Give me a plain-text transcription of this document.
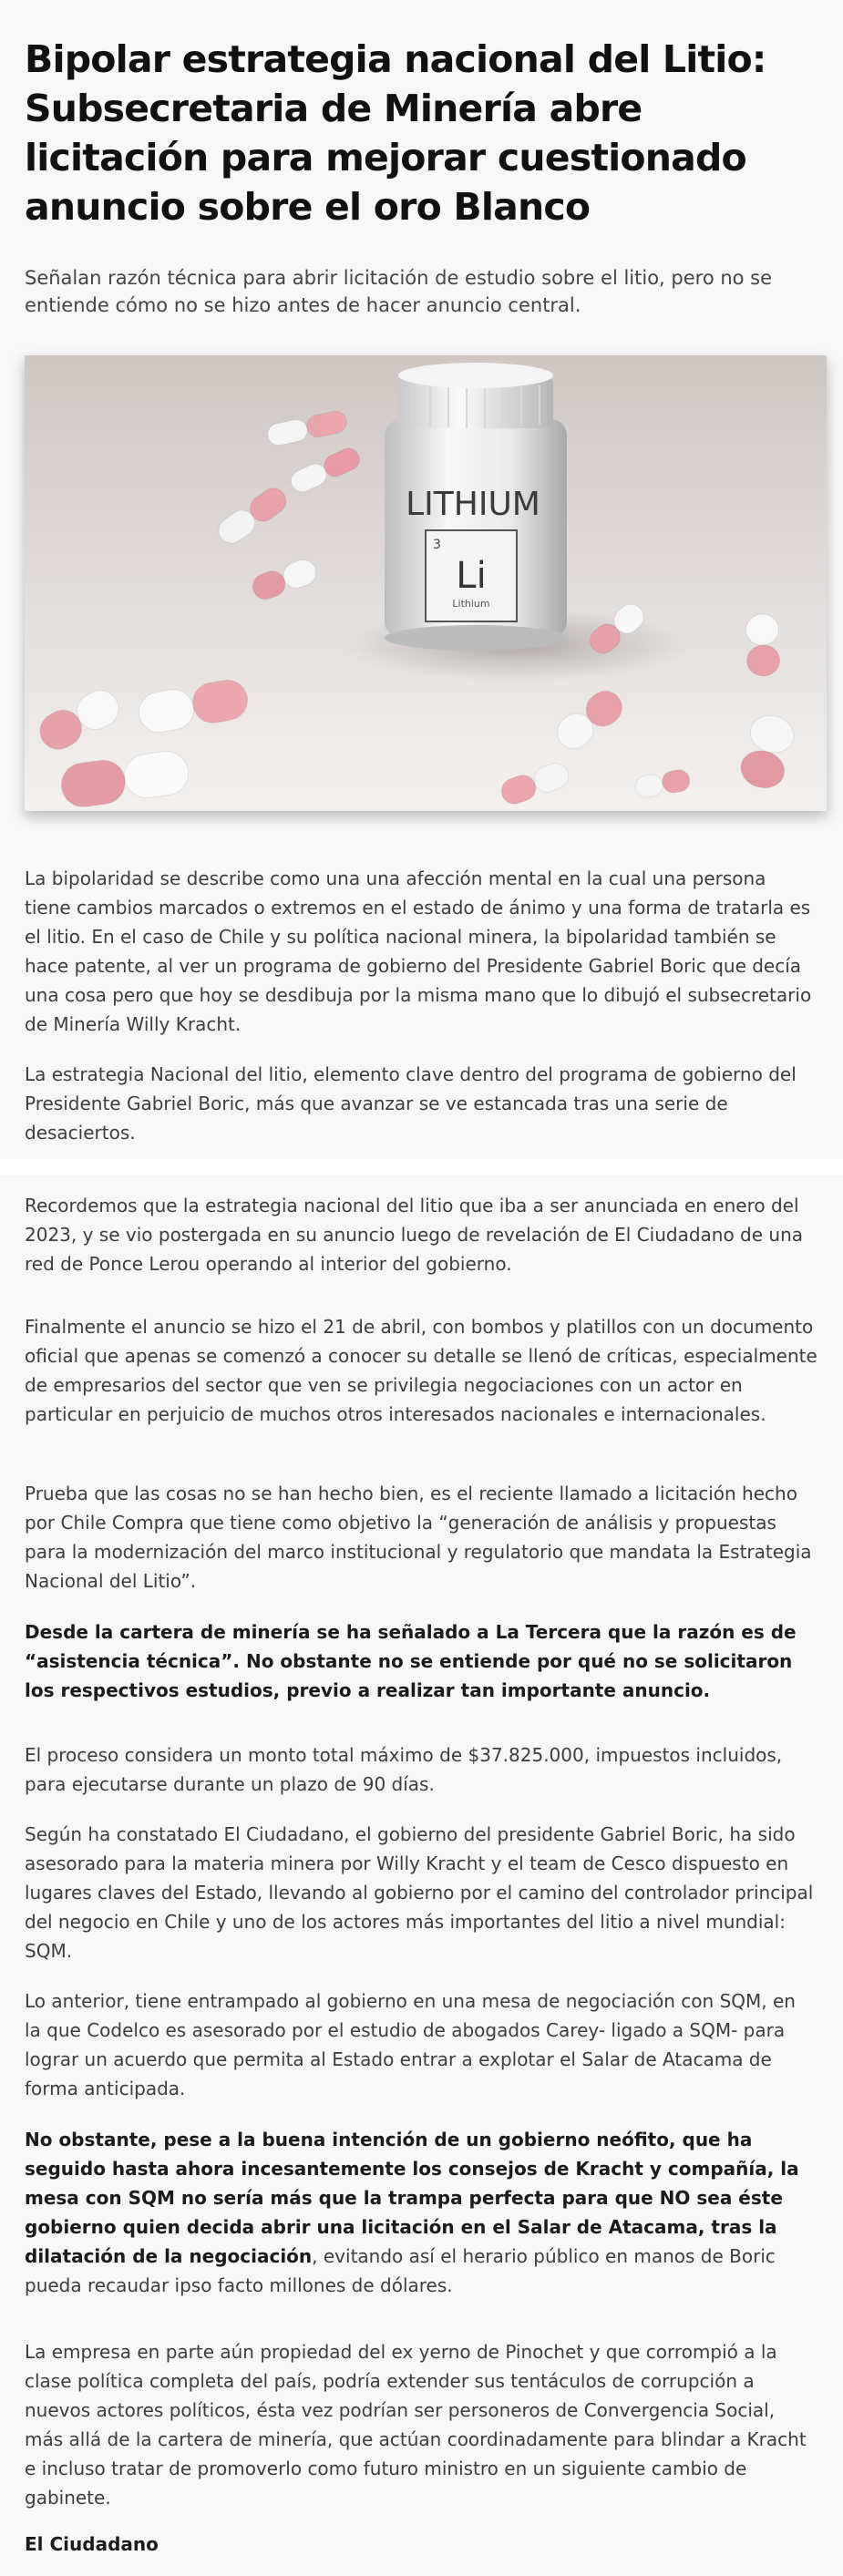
Bipolar estrategia nacional del Litio: Subsecretaria de Minería abre licitación para mejorar cuestionado anuncio sobre el oro Blanco

Señalan razón técnica para abrir licitación de estudio sobre el litio, pero no se entiende cómo no se hizo antes de hacer anuncio central.

LITHIUM
3
Li
Lithium

La bipolaridad se describe como una una afección mental en la cual una persona tiene cambios marcados o extremos en el estado de ánimo y una forma de tratarla es el litio. En el caso de Chile y su política nacional minera, la bipolaridad también se hace patente, al ver un programa de gobierno del Presidente Gabriel Boric que decía una cosa pero que hoy se desdibuja por la misma mano que lo dibujó el subsecretario de Minería Willy Kracht.

La estrategia Nacional del litio, elemento clave dentro del programa de gobierno del Presidente Gabriel Boric, más que avanzar se ve estancada tras una serie de desaciertos.

Recordemos que la estrategia nacional del litio que iba a ser anunciada en enero del 2023, y se vio postergada en su anuncio luego de revelación de El Ciudadano de una red de Ponce Lerou operando al interior del gobierno.

Finalmente el anuncio se hizo el 21 de abril, con bombos y platillos con un documento oficial que apenas se comenzó a conocer su detalle se llenó de críticas, especialmente de empresarios del sector que ven se privilegia negociaciones con un actor en particular en perjuicio de muchos otros interesados nacionales e internacionales.

Prueba que las cosas no se han hecho bien, es el reciente llamado a licitación hecho por Chile Compra que tiene como objetivo la “generación de análisis y propuestas para la modernización del marco institucional y regulatorio que mandata la Estrategia Nacional del Litio”.

Desde la cartera de minería se ha señalado a La Tercera que la razón es de “asistencia técnica”. No obstante no se entiende por qué no se solicitaron los respectivos estudios, previo a realizar tan importante anuncio.

El proceso considera un monto total máximo de $37.825.000, impuestos incluidos, para ejecutarse durante un plazo de 90 días.

Según ha constatado El Ciudadano, el gobierno del presidente Gabriel Boric, ha sido asesorado para la materia minera por Willy Kracht y el team de Cesco dispuesto en lugares claves del Estado, llevando al gobierno por el camino del controlador principal del negocio en Chile y uno de los actores más importantes del litio a nivel mundial: SQM.

Lo anterior, tiene entrampado al gobierno en una mesa de negociación con SQM, en la que Codelco es asesorado por el estudio de abogados Carey- ligado a SQM- para lograr un acuerdo que permita al Estado entrar a explotar el Salar de Atacama de forma anticipada.

No obstante, pese a la buena intención de un gobierno neófito, que ha seguido hasta ahora incesantemente los consejos de Kracht y compañía, la mesa con SQM no sería más que la trampa perfecta para que NO sea éste gobierno quien decida abrir una licitación en el Salar de Atacama, tras la dilatación de la negociación, evitando así el herario público en manos de Boric pueda recaudar ipso facto millones de dólares.

La empresa en parte aún propiedad del ex yerno de Pinochet y que corrompió a la clase política completa del país, podría extender sus tentáculos de corrupción a nuevos actores políticos, ésta vez podrían ser personeros de Convergencia Social, más allá de la cartera de minería, que actúan coordinadamente para blindar a Kracht e incluso tratar de promoverlo como futuro ministro en un siguiente cambio de gabinete.

El Ciudadano
